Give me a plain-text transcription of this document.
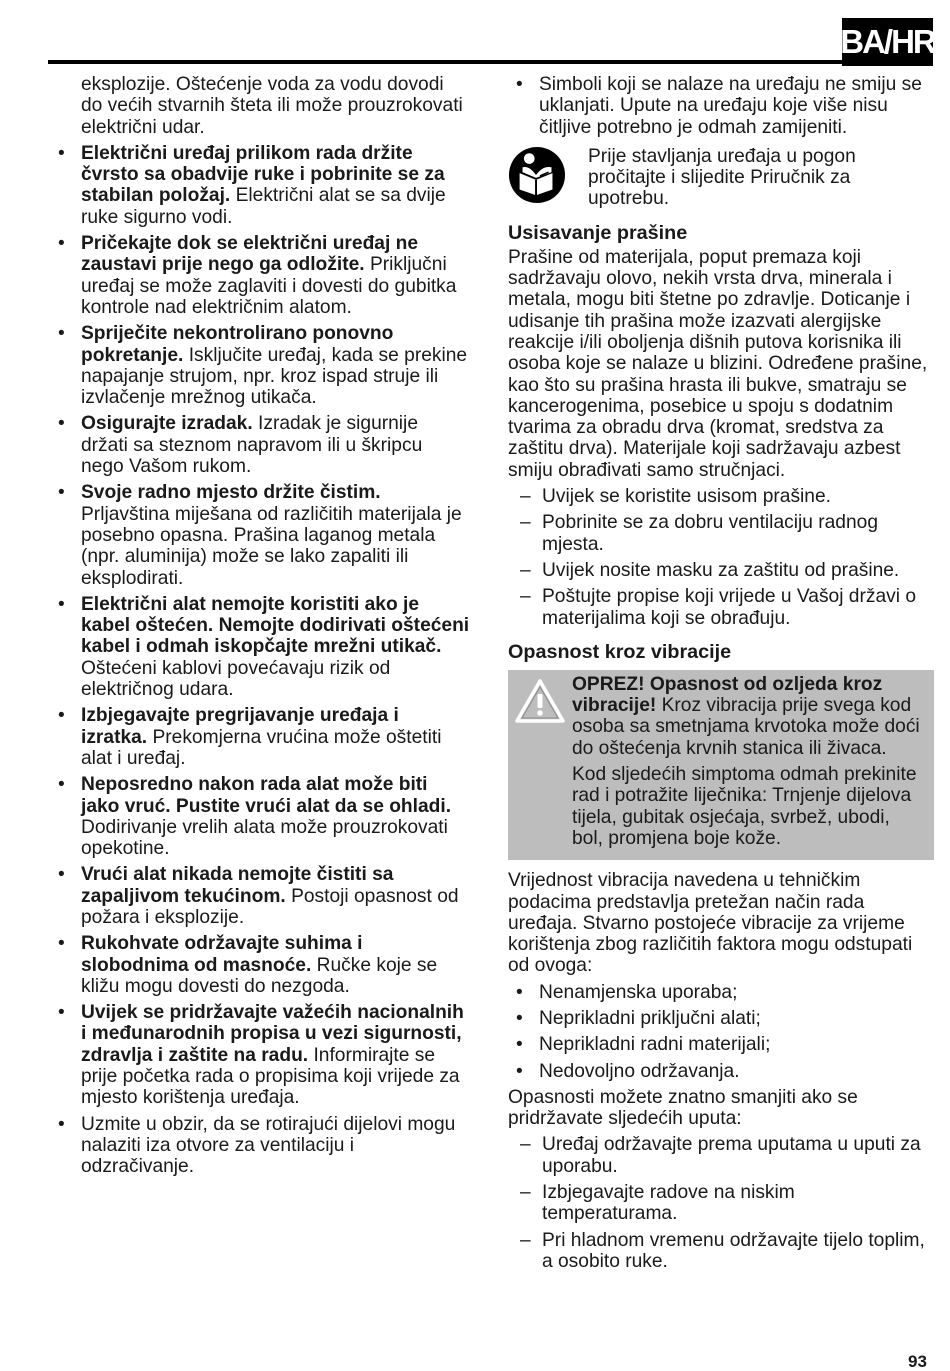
BA/HR
eksplozije. Oštećenje voda za vodu dovodi do većih stvarnih šteta ili može prouzrokovati električni udar.
• Električni uređaj prilikom rada držite čvrsto sa obadvije ruke i pobrinite se za stabilan položaj. Električni alat se sa dvije ruke sigurno vodi.
• Pričekajte dok se električni uređaj ne zaustavi prije nego ga odložite. Priključni uređaj se može zaglaviti i dovesti do gubitka kontrole nad električnim alatom.
• Spriječite nekontrolirano ponovno pokretanje. Isključite uređaj, kada se prekine napajanje strujom, npr. kroz ispad struje ili izvlačenje mrežnog utikača.
• Osigurajte izradak. Izradak je sigurnije držati sa steznom napravom ili u škripcu nego Vašom rukom.
• Svoje radno mjesto držite čistim. Prljavština miješana od različitih materijala je posebno opasna. Prašina laganog metala (npr. aluminija) može se lako zapaliti ili eksplodirati.
• Električni alat nemojte koristiti ako je kabel oštećen. Nemojte dodirivati oštećeni kabel i odmah iskopčajte mrežni utikač. Oštećeni kablovi povećavaju rizik od električnog udara.
• Izbjegavajte pregrijavanje uređaja i izratka. Prekomjerna vrućina može oštetiti alat i uređaj.
• Neposredno nakon rada alat može biti jako vruć. Pustite vrući alat da se ohladi. Dodirivanje vrelih alata može prouzrokovati opekotine.
• Vrući alat nikada nemojte čistiti sa zapaljivom tekućinom. Postoji opasnost od požara i eksplozije.
• Rukohvate održavajte suhima i slobodnima od masnoće. Ručke koje se kližu mogu dovesti do nezgoda.
• Uvijek se pridržavajte važećih nacionalnih i međunarodnih propisa u vezi sigurnosti, zdravlja i zaštite na radu. Informirajte se prije početka rada o propisima koji vrijede za mjesto korištenja uređaja.
• Uzmite u obzir, da se rotirajući dijelovi mogu nalaziti iza otvore za ventilaciju i odzračivanje.
• Simboli koji se nalaze na uređaju ne smiju se uklanjati. Upute na uređaju koje više nisu čitljive potrebno je odmah zamijeniti.
Prije stavljanja uređaja u pogon pročitajte i slijedite Priručnik za upotrebu.
Usisavanje prašine
Prašine od materijala, poput premaza koji sadržavaju olovo, nekih vrsta drva, minerala i metala, mogu biti štetne po zdravlje. Doticanje i udisanje tih prašina može izazvati alergijske reakcije i/ili oboljenja dišnih putova korisnika ili osoba koje se nalaze u blizini. Određene prašine, kao što su prašina hrasta ili bukve, smatraju se kancerogenima, posebice u spoju s dodatnim tvarima za obradu drva (kromat, sredstva za zaštitu drva). Materijale koji sadržavaju azbest smiju obrađivati samo stručnjaci.
– Uvijek se koristite usisom prašine.
– Pobrinite se za dobru ventilaciju radnog mjesta.
– Uvijek nosite masku za zaštitu od prašine.
– Poštujte propise koji vrijede u Vašoj državi o materijalima koji se obrađuju.
Opasnost kroz vibracije
OPREZ! Opasnost od ozljeda kroz vibracije! Kroz vibracija prije svega kod osoba sa smetnjama krvotoka može doći do oštećenja krvnih stanica ili živaca.
Kod sljedećih simptoma odmah prekinite rad i potražite liječnika: Trnjenje dijelova tijela, gubitak osjećaja, svrbež, ubodi, bol, promjena boje kože.
Vrijednost vibracija navedena u tehničkim podacima predstavlja pretežan način rada uređaja. Stvarno postojeće vibracije za vrijeme korištenja zbog različitih faktora mogu odstupati od ovoga:
• Nenamjenska uporaba;
• Neprikladni priključni alati;
• Neprikladni radni materijali;
• Nedovoljno održavanja.
Opasnosti možete znatno smanjiti ako se pridržavate sljedećih uputa:
– Uređaj održavajte prema uputama u uputi za uporabu.
– Izbjegavajte radove na niskim temperaturama.
– Pri hladnom vremenu održavajte tijelo toplim, a osobito ruke.
93
